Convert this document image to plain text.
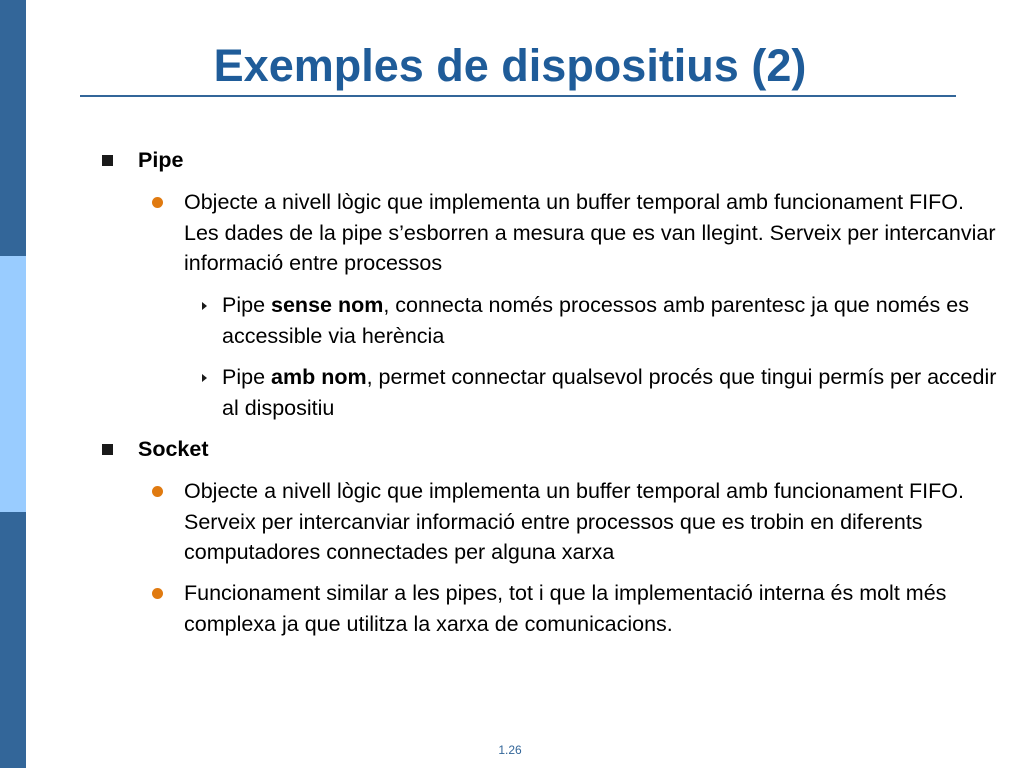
Exemples de dispositius (2)
Pipe
Objecte a nivell lògic que implementa un buffer temporal amb funcionament FIFO. Les dades de la pipe s’esborren a mesura que es van llegint. Serveix per intercanviar informació entre processos
Pipe sense nom, connecta només processos amb parentesc ja que només es accessible via herència
Pipe amb nom, permet connectar qualsevol procés que tingui permís per accedir al dispositiu
Socket
Objecte a nivell lògic que implementa un buffer temporal amb funcionament FIFO. Serveix per intercanviar informació entre processos que es trobin en diferents computadores connectades per alguna xarxa
Funcionament similar a les pipes, tot i que la implementació interna és molt més complexa ja que utilitza la xarxa de comunicacions.
1.26
